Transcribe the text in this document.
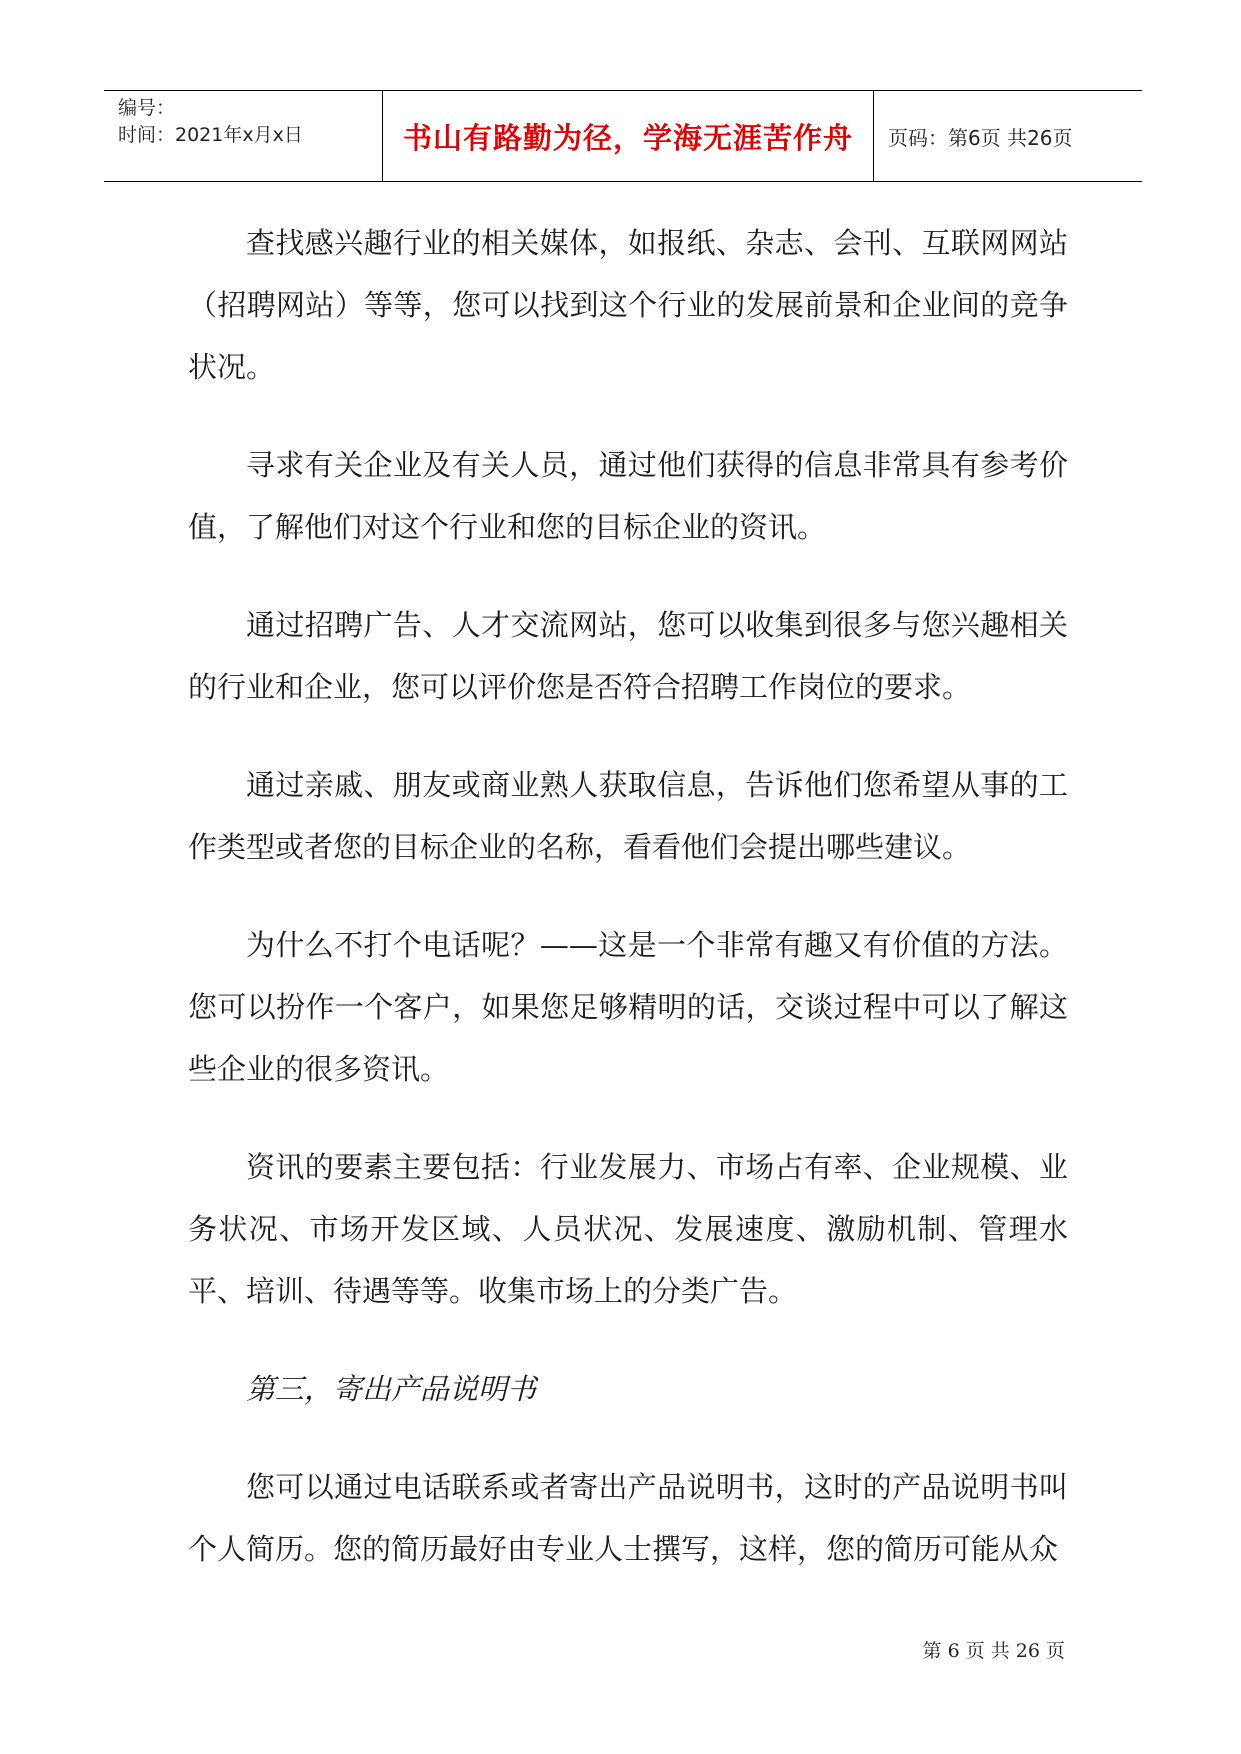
编号：
时间：2021年x月x日	书山有路勤为径，学海无涯苦作舟	页码：第6页 共26页

查找感兴趣行业的相关媒体，如报纸、杂志、会刊、互联网网站（招聘网站）等等，您可以找到这个行业的发展前景和企业间的竞争状况。

寻求有关企业及有关人员，通过他们获得的信息非常具有参考价值，了解他们对这个行业和您的目标企业的资讯。

通过招聘广告、人才交流网站，您可以收集到很多与您兴趣相关的行业和企业，您可以评价您是否符合招聘工作岗位的要求。

通过亲戚、朋友或商业熟人获取信息，告诉他们您希望从事的工作类型或者您的目标企业的名称，看看他们会提出哪些建议。

为什么不打个电话呢？——这是一个非常有趣又有价值的方法。您可以扮作一个客户，如果您足够精明的话，交谈过程中可以了解这些企业的很多资讯。

资讯的要素主要包括：行业发展力、市场占有率、企业规模、业务状况、市场开发区域、人员状况、发展速度、激励机制、管理水平、培训、待遇等等。收集市场上的分类广告。

第三，寄出产品说明书

您可以通过电话联系或者寄出产品说明书，这时的产品说明书叫个人简历。您的简历最好由专业人士撰写，这样，您的简历可能从众

第 6 页 共 26 页
